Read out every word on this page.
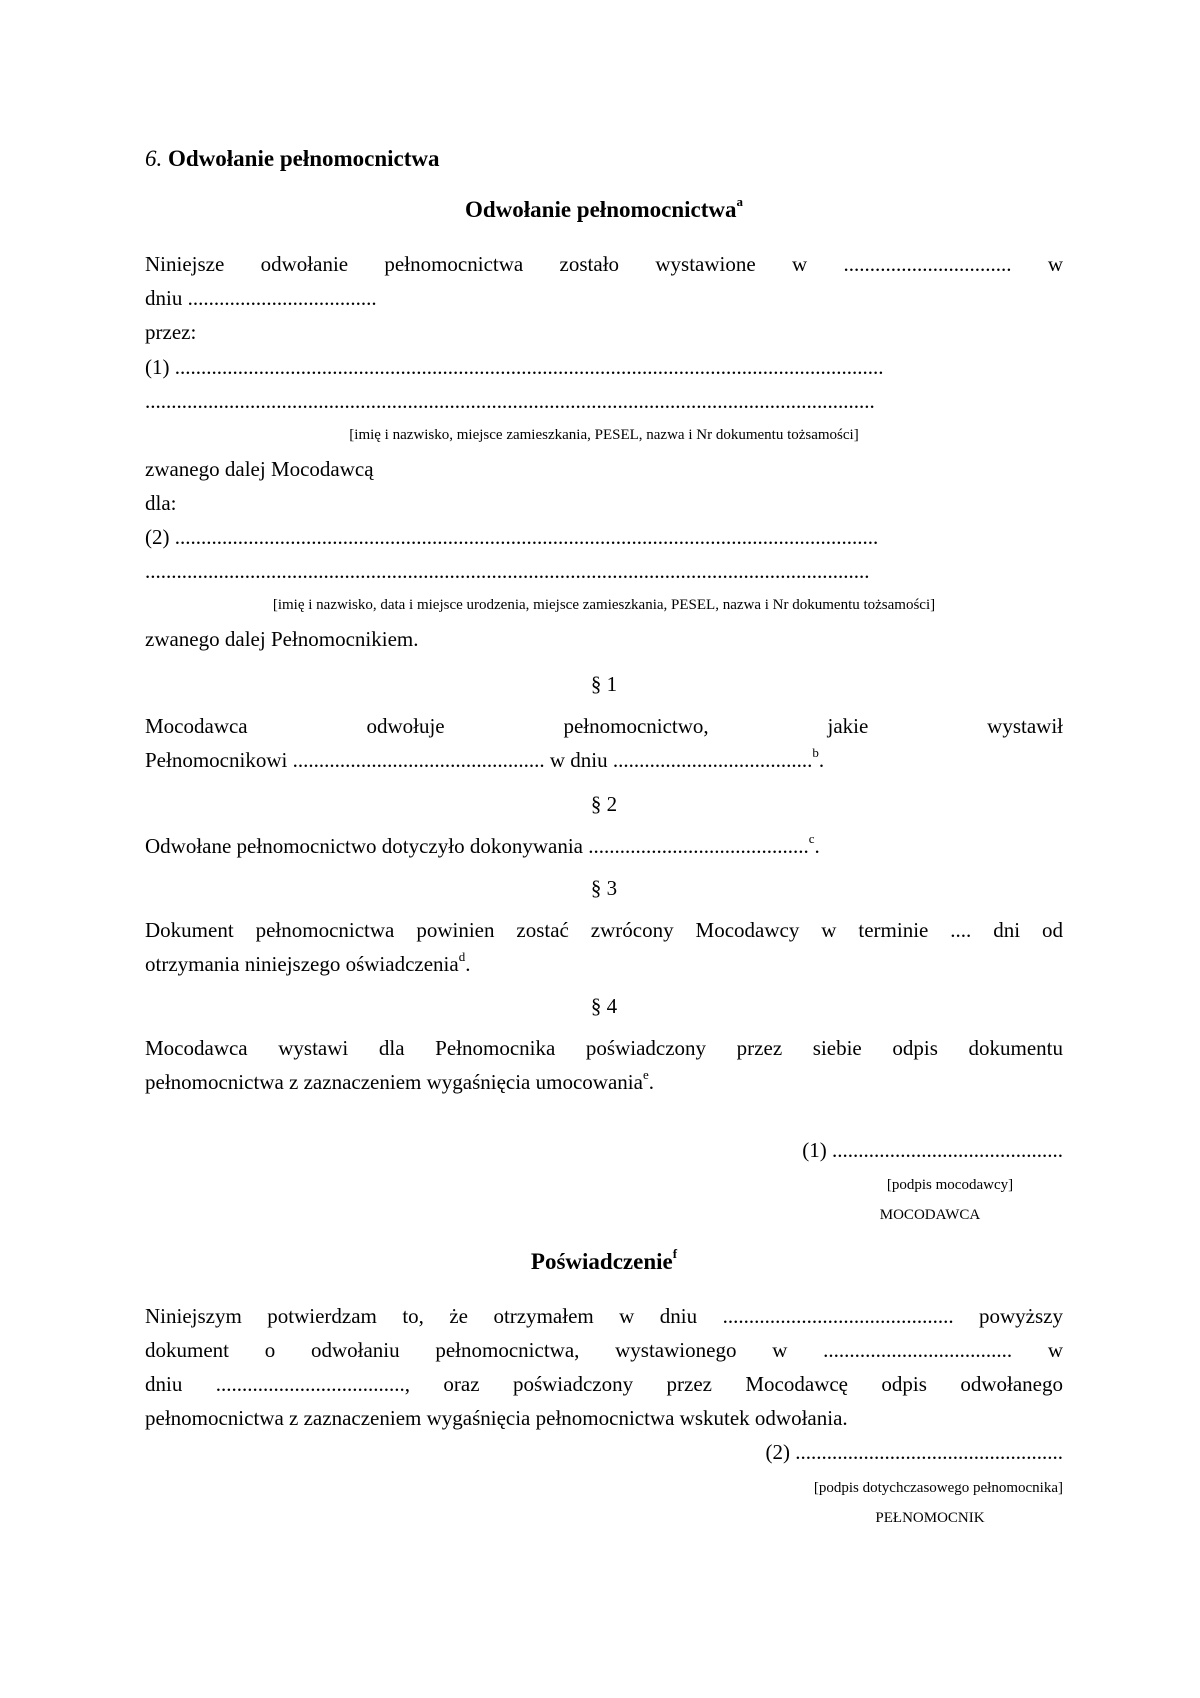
6. Odwołanie pełnomocnictwa
Odwołanie pełnomocnictwa$^a$
Niniejsze odwołanie pełnomocnictwa zostało wystawione w ................................ w
dniu ....................................
przez:
(1) .......................................................................................................................................
...........................................................................................................................................
[imię i nazwisko, miejsce zamieszkania, PESEL, nazwa i Nr dokumentu tożsamości]
zwanego dalej Mocodawcą
dla:
(2) ......................................................................................................................................
..........................................................................................................................................
[imię i nazwisko, data i miejsce urodzenia, miejsce zamieszkania, PESEL, nazwa i Nr dokumentu tożsamości]
zwanego dalej Pełnomocnikiem.
§ 1
Mocodawca odwołuje pełnomocnictwo, jakie wystawił
Pełnomocnikowi ................................................ w dniu ......................................$^b$.
§ 2
Odwołane pełnomocnictwo dotyczyło dokonywania ..........................................$^c$.
§ 3
Dokument pełnomocnictwa powinien zostać zwrócony Mocodawcy w terminie .... dni od
otrzymania niniejszego oświadczenia$^d$.
§ 4
Mocodawca wystawi dla Pełnomocnika poświadczony przez siebie odpis dokumentu
pełnomocnictwa z zaznaczeniem wygaśnięcia umocowania$^e$.
(1) ............................................
[podpis mocodawcy]
MOCODAWCA
Poświadczenie$^f$
Niniejszym potwierdzam to, że otrzymałem w dniu ............................................ powyższy
dokument o odwołaniu pełnomocnictwa, wystawionego w .................................... w
dniu ...................................., oraz poświadczony przez Mocodawcę odpis odwołanego
pełnomocnictwa z zaznaczeniem wygaśnięcia pełnomocnictwa wskutek odwołania.
(2) ...................................................
[podpis dotychczasowego pełnomocnika]
PEŁNOMOCNIK
